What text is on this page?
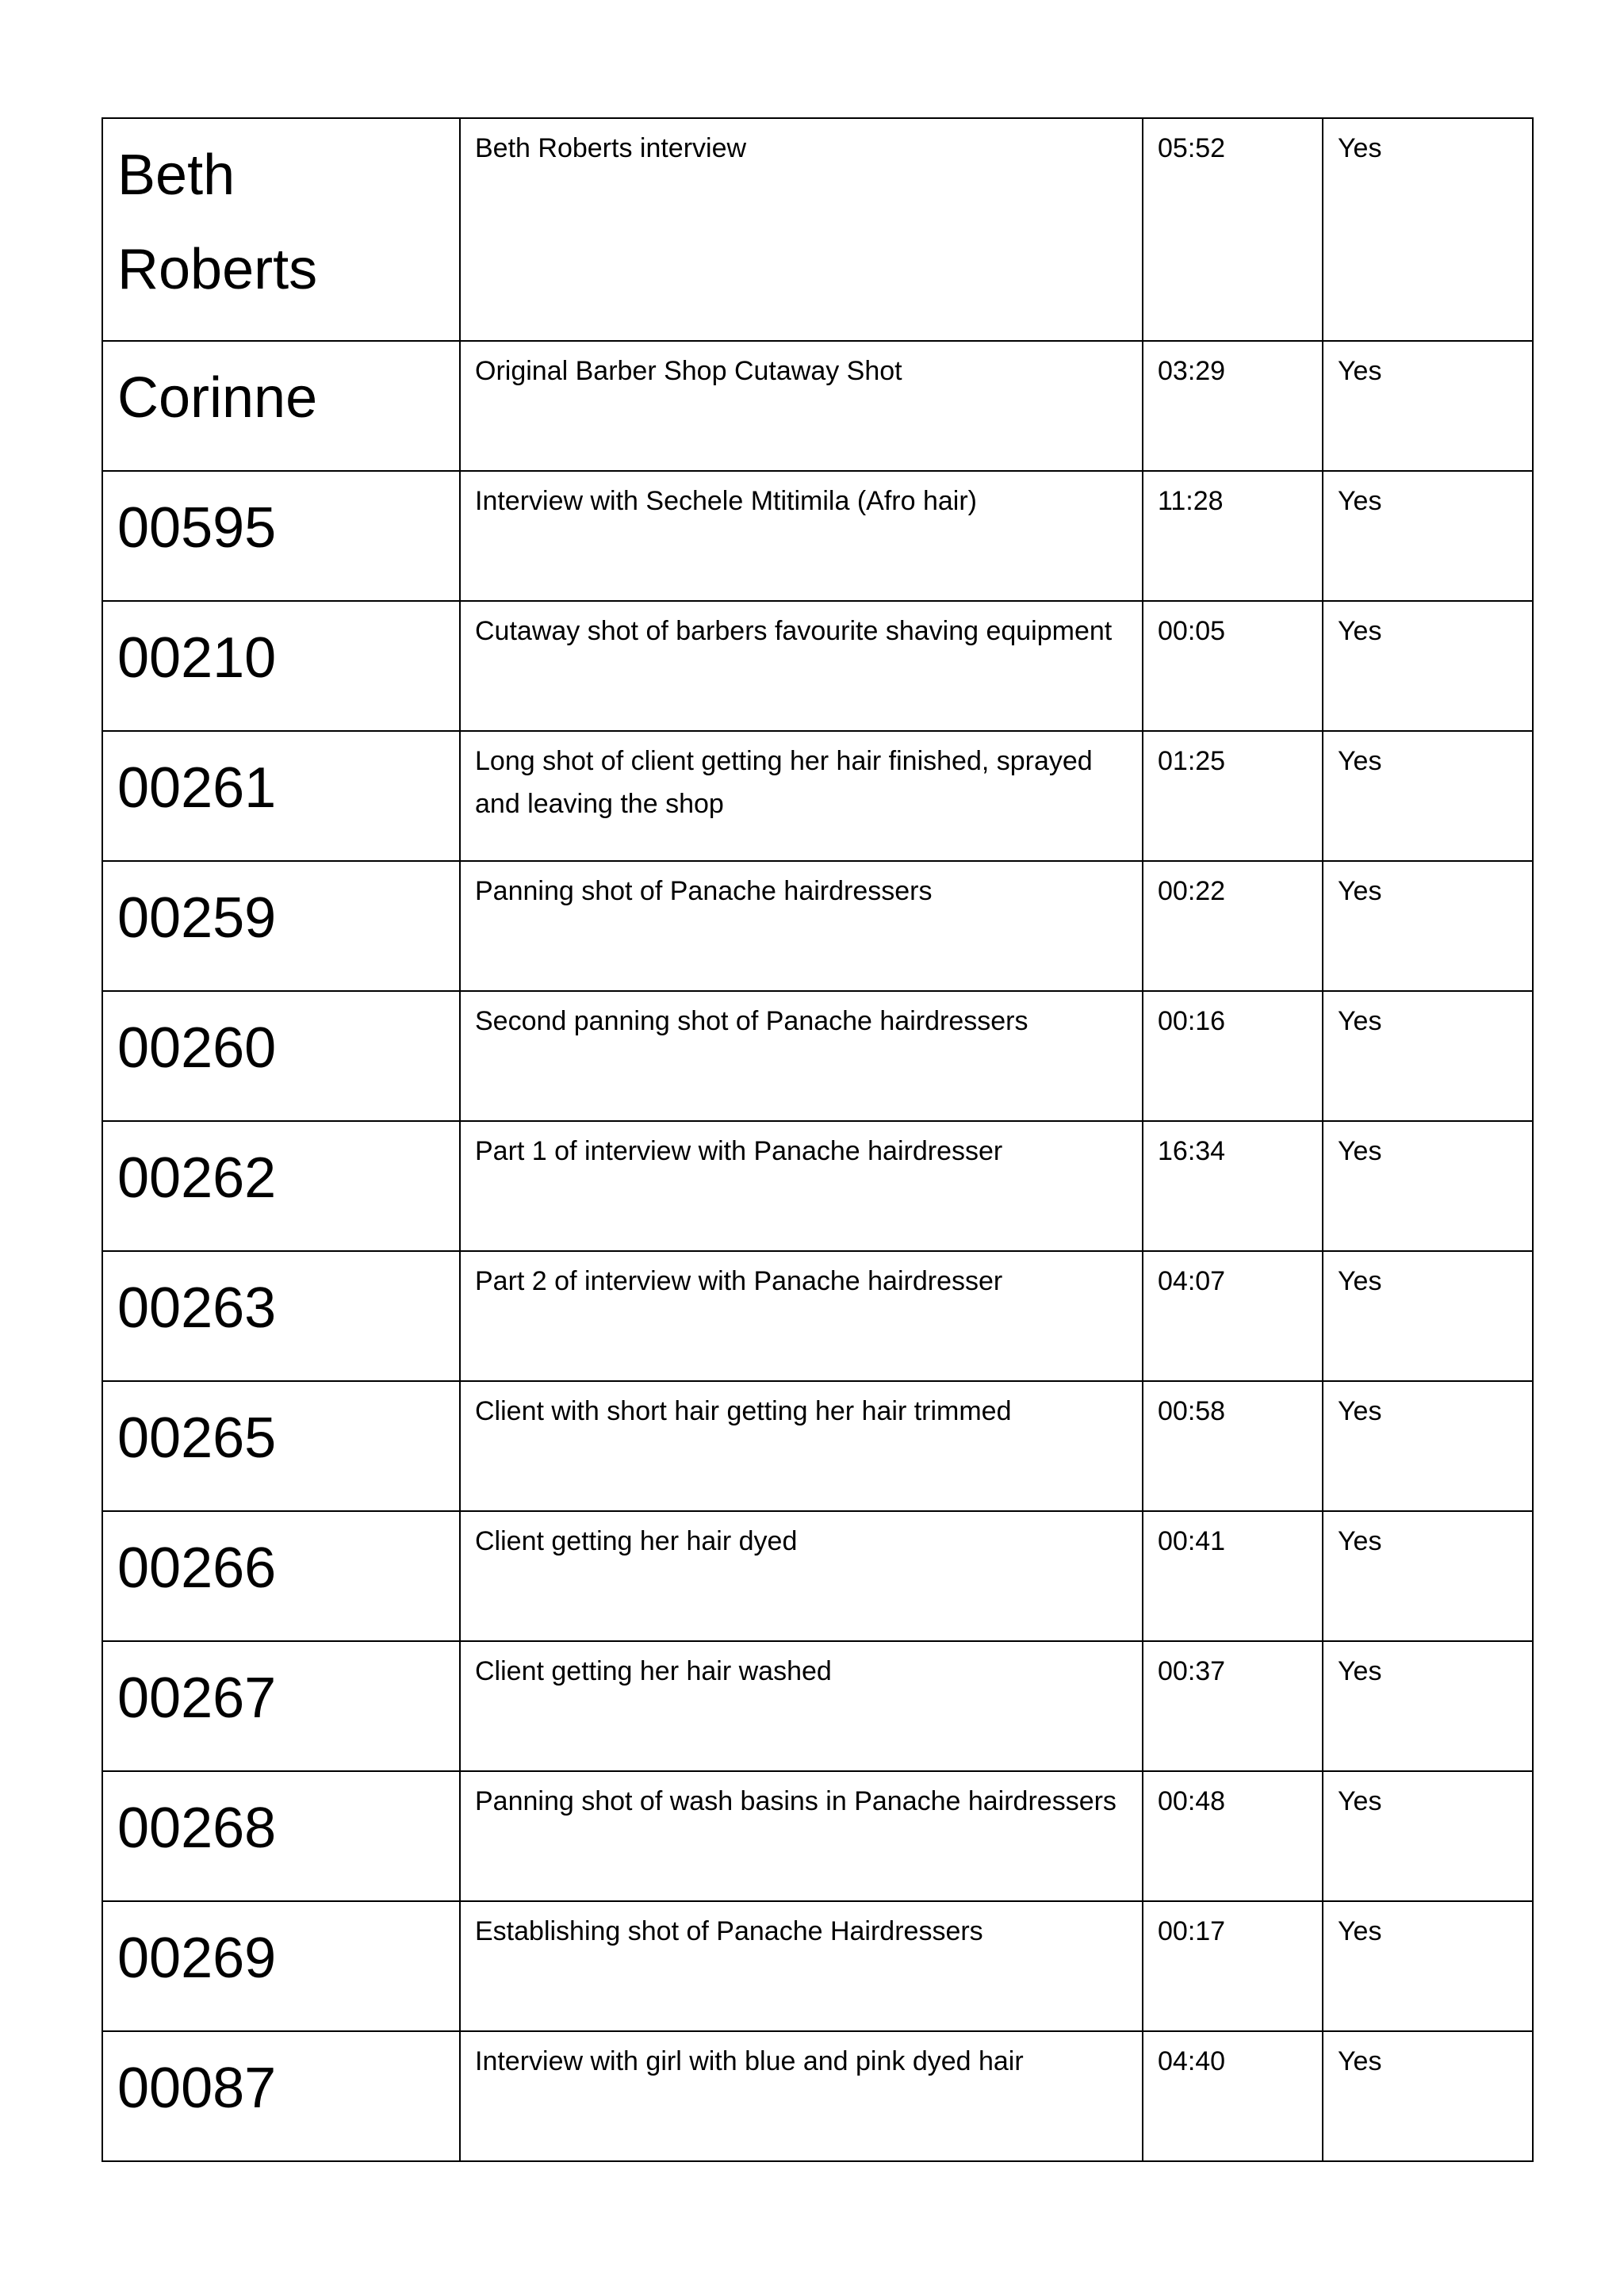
Beth Roberts	Beth Roberts interview	05:52	Yes
Corinne	Original Barber Shop Cutaway Shot	03:29	Yes
00595	Interview with Sechele Mtitimila (Afro hair)	11:28	Yes
00210	Cutaway shot of barbers favourite shaving equipment	00:05	Yes
00261	Long shot of client getting her hair finished, sprayed and leaving the shop	01:25	Yes
00259	Panning shot of Panache hairdressers	00:22	Yes
00260	Second panning shot of Panache hairdressers	00:16	Yes
00262	Part 1 of interview with Panache hairdresser	16:34	Yes
00263	Part 2 of interview with Panache hairdresser	04:07	Yes
00265	Client with short hair getting her hair trimmed	00:58	Yes
00266	Client getting her hair dyed	00:41	Yes
00267	Client getting her hair washed	00:37	Yes
00268	Panning shot of wash basins in Panache hairdressers	00:48	Yes
00269	Establishing shot of Panache Hairdressers	00:17	Yes
00087	Interview with girl with blue and pink dyed hair	04:40	Yes
